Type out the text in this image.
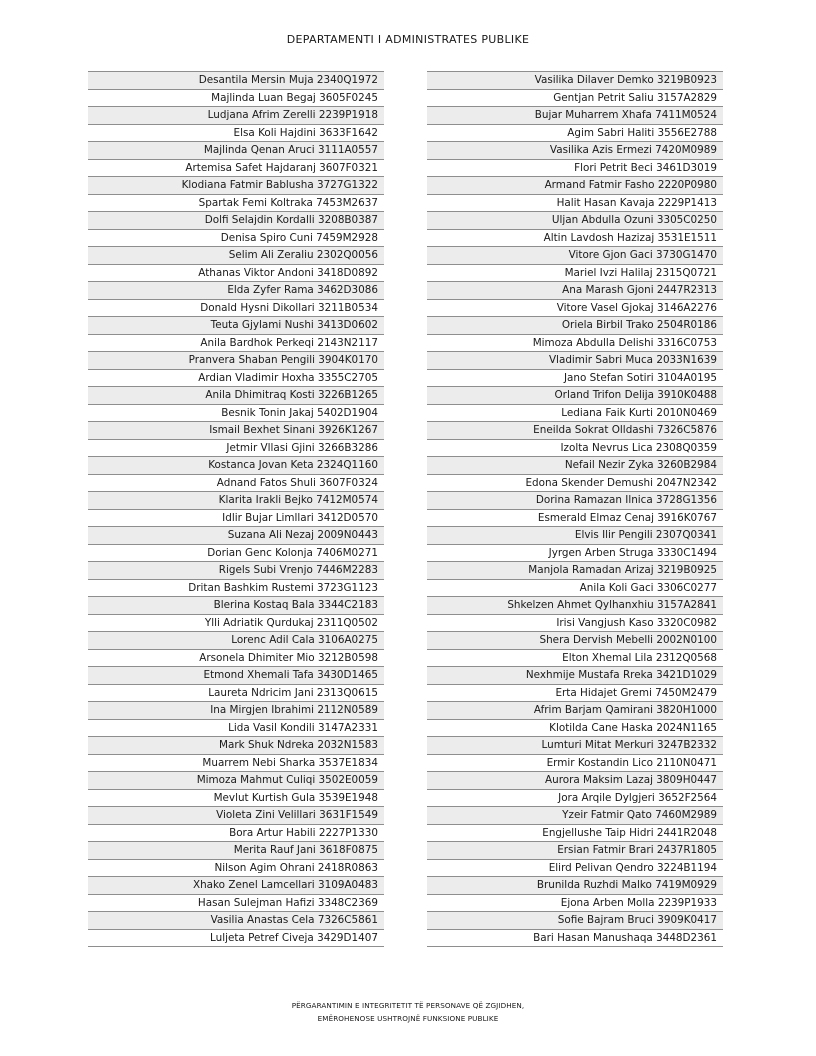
DEPARTAMENTI I ADMINISTRATES PUBLIKE
Desantila Mersin Muja 2340Q1972
Majlinda Luan Begaj 3605F0245
Ludjana Afrim Zerelli 2239P1918
Elsa Koli Hajdini 3633F1642
Majlinda Qenan Aruci 3111A0557
Artemisa Safet Hajdaranj 3607F0321
Klodiana Fatmir Bablusha 3727G1322
Spartak Femi Koltraka 7453M2637
Dolfi Selajdin Kordalli 3208B0387
Denisa Spiro Cuni 7459M2928
Selim Ali Zeraliu 2302Q0056
Athanas Viktor Andoni 3418D0892
Elda Zyfer Rama 3462D3086
Donald Hysni Dikollari 3211B0534
Teuta Gjylami Nushi 3413D0602
Anila Bardhok Perkeqi 2143N2117
Pranvera Shaban Pengili 3904K0170
Ardian Vladimir Hoxha 3355C2705
Anila Dhimitraq Kosti 3226B1265
Besnik Tonin Jakaj 5402D1904
Ismail Bexhet Sinani 3926K1267
Jetmir Vllasi Gjini 3266B3286
Kostanca Jovan Keta 2324Q1160
Adnand Fatos Shuli 3607F0324
Klarita Irakli Bejko 7412M0574
Idlir Bujar Limllari 3412D0570
Suzana Ali Nezaj 2009N0443
Dorian Genc Kolonja 7406M0271
Rigels Subi Vrenjo 7446M2283
Dritan Bashkim Rustemi 3723G1123
Blerina Kostaq Bala 3344C2183
Ylli Adriatik Qurdukaj 2311Q0502
Lorenc Adil Cala 3106A0275
Arsonela Dhimiter Mio 3212B0598
Etmond Xhemali Tafa 3430D1465
Laureta Ndricim Jani 2313Q0615
Ina Mirgjen Ibrahimi 2112N0589
Lida Vasil Kondili 3147A2331
Mark Shuk Ndreka 2032N1583
Muarrem Nebi Sharka 3537E1834
Mimoza Mahmut Culiqi 3502E0059
Mevlut Kurtish Gula 3539E1948
Violeta Zini Velillari 3631F1549
Bora Artur Habili 2227P1330
Merita Rauf Jani 3618F0875
Nilson Agim Ohrani 2418R0863
Xhako Zenel Lamcellari 3109A0483
Hasan Sulejman Hafizi 3348C2369
Vasilia Anastas Cela 7326C5861
Luljeta Petref Civeja 3429D1407
Vasilika Dilaver Demko 3219B0923
Gentjan Petrit Saliu 3157A2829
Bujar Muharrem Xhafa 7411M0524
Agim Sabri Haliti 3556E2788
Vasilika Azis Ermezi 7420M0989
Flori Petrit Beci 3461D3019
Armand Fatmir Fasho 2220P0980
Halit Hasan Kavaja 2229P1413
Uljan Abdulla Ozuni 3305C0250
Altin Lavdosh Hazizaj 3531E1511
Vitore Gjon Gaci 3730G1470
Mariel Ivzi Halilaj 2315Q0721
Ana Marash Gjoni 2447R2313
Vitore Vasel Gjokaj 3146A2276
Oriela Birbil Trako 2504R0186
Mimoza Abdulla Delishi 3316C0753
Vladimir Sabri Muca 2033N1639
Jano Stefan Sotiri 3104A0195
Orland Trifon Delija 3910K0488
Lediana Faik Kurti 2010N0469
Eneilda Sokrat Olldashi 7326C5876
Izolta Nevrus Lica 2308Q0359
Nefail Nezir Zyka 3260B2984
Edona Skender Demushi 2047N2342
Dorina Ramazan Ilnica 3728G1356
Esmerald Elmaz Cenaj 3916K0767
Elvis Ilir Pengili 2307Q0341
Jyrgen Arben Struga 3330C1494
Manjola Ramadan Arizaj 3219B0925
Anila Koli Gaci 3306C0277
Shkelzen Ahmet Qylhanxhiu 3157A2841
Irisi Vangjush Kaso 3320C0982
Shera Dervish Mebelli 2002N0100
Elton Xhemal Lila 2312Q0568
Nexhmije Mustafa Rreka 3421D1029
Erta Hidajet Gremi 7450M2479
Afrim Barjam Qamirani 3820H1000
Klotilda Cane Haska 2024N1165
Lumturi Mitat Merkuri 3247B2332
Ermir Kostandin Lico 2110N0471
Aurora Maksim Lazaj 3809H0447
Jora Arqile Dylgjeri 3652F2564
Yzeir Fatmir Qato 7460M2989
Engjellushe Taip Hidri 2441R2048
Ersian Fatmir Brari 2437R1805
Elird Pelivan Qendro 3224B1194
Brunilda Ruzhdi Malko 7419M0929
Ejona Arben Molla 2239P1933
Sofie Bajram Bruci 3909K0417
Bari Hasan Manushaqa 3448D2361
PËRGARANTIMIN E INTEGRITETIT TË PERSONAVE QË ZGJIDHEN,
EMËROHENOSE USHTROJNË FUNKSIONE PUBLIKE
